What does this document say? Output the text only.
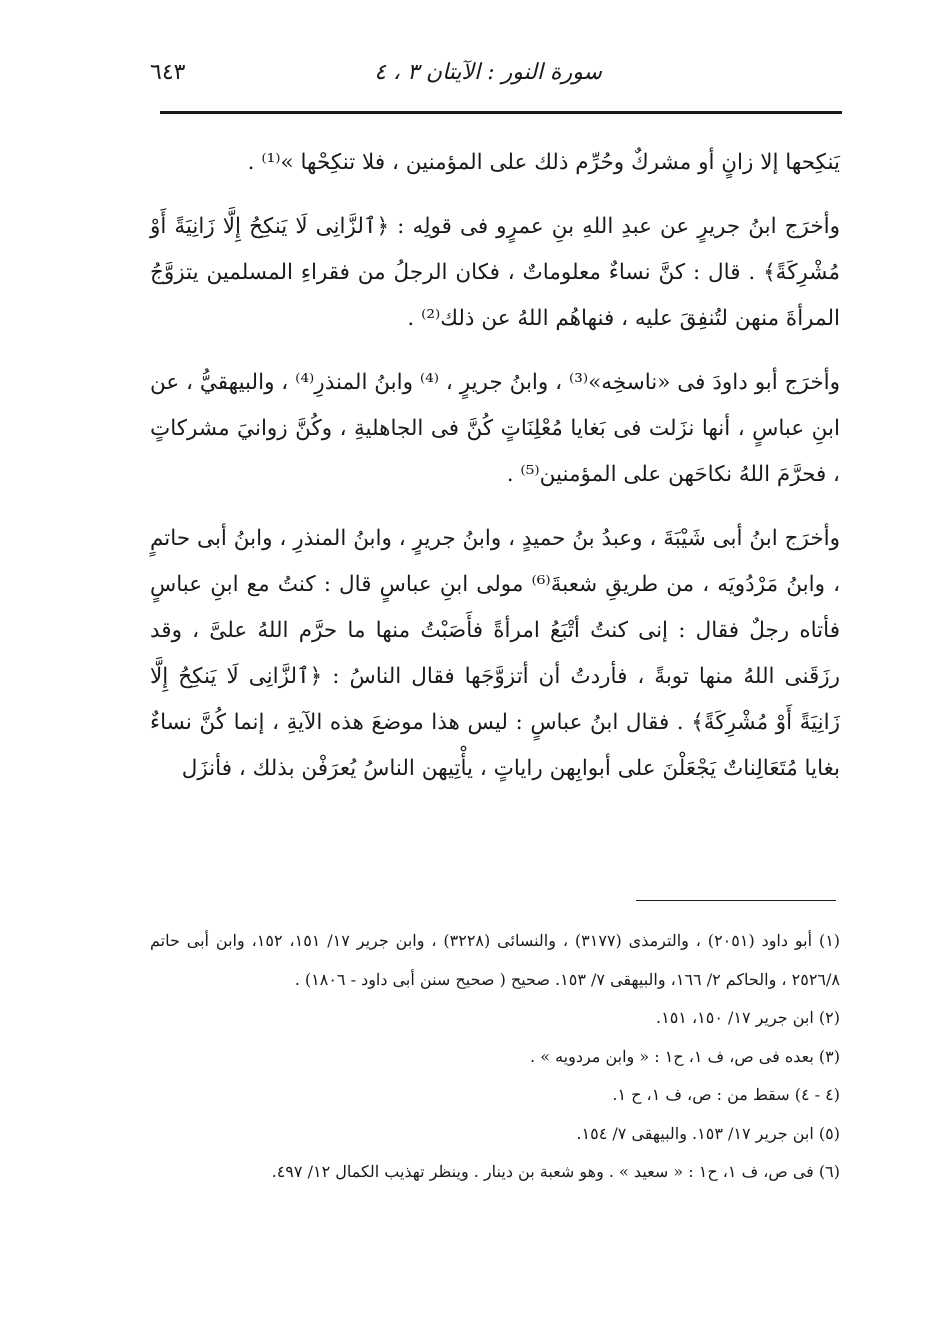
سورة النور : الآيتان ٣ ، ٤
٦٤٣

يَنكِحها إلا زانٍ أو مشركٌ وحُرِّم ذلك على المؤمنين ، فلا تنكِحْها »⁽¹⁾ .

وأخرَج ابنُ جريرٍ عن عبدِ اللهِ بنِ عمرٍو فى قولِه : ﴿ٱلزَّانِى لَا يَنكِحُ إِلَّا زَانِيَةً أَوْ مُشْرِكَةً﴾ . قال : كنَّ نساءٌ معلوماتٌ ، فكان الرجلُ من فقراءِ المسلمين يتزوَّجُ المرأةَ منهن لتُنفِقَ عليه ، فنهاهُم اللهُ عن ذلك⁽²⁾ .

وأخرَج أبو داودَ فى «ناسخِه»⁽³⁾ ، وابنُ جريرٍ ، ⁽⁴⁾ وابنُ المنذرِ⁽⁴⁾ ، والبيهقيُّ ، عن ابنِ عباسٍ ، أنها نزَلت فى بَغايا مُعْلِنَاتٍ كُنَّ فى الجاهليةِ ، وكُنَّ زوانيَ مشركاتٍ ، فحرَّمَ اللهُ نكاحَهن على المؤمنين⁽⁵⁾ .

وأخرَج ابنُ أبى شَيْبَةَ ، وعبدُ بنُ حميدٍ ، وابنُ جريرٍ ، وابنُ المنذرِ ، وابنُ أبى حاتمٍ ، وابنُ مَرْدُويَه ، من طريقِ شعبةَ⁽⁶⁾ مولى ابنِ عباسٍ قال : كنتُ مع ابنِ عباسٍ فأتاه رجلٌ فقال : إنى كنتُ أتْبَعُ امرأةً فأَصَبْتُ منها ما حرَّم اللهُ علىَّ ، وقد رزَقَنى اللهُ منها توبةً ، فأردتُ أن أتزوَّجَها فقال الناسُ : ﴿ٱلزَّانِى لَا يَنكِحُ إِلَّا زَانِيَةً أَوْ مُشْرِكَةً﴾ . فقال ابنُ عباسٍ : ليس هذا موضعَ هذه الآيةِ ، إنما كُنَّ نساءٌ بغايا مُتَعَالِناتٌ يَجْعَلْنَ على أبوابِهن راياتٍ ، يأْتِيهن الناسُ يُعرَفْن بذلك ، فأنزَل

(١) أبو داود (٢٠٥١) ، والترمذى (٣١٧٧) ، والنسائى (٣٢٢٨) ، وابن جرير ١٧/ ١٥١، ١٥٢، وابن أبى حاتم ٢٥٢٦/٨ ، والحاكم ٢/ ١٦٦، والبيهقى ٧/ ١٥٣. صحيح ( صحيح سنن أبى داود - ١٨٠٦) .

(٢) ابن جرير ١٧/ ١٥٠، ١٥١.

(٣) بعده فى ص، ف ١، ح١ : « وابن مردويه » .

(٤ - ٤) سقط من : ص، ف ١، ح ١.

(٥) ابن جرير ١٧/ ١٥٣. والبيهقى ٧/ ١٥٤.

(٦) فى ص، ف ١، ح١ : « سعيد » . وهو شعبة بن دينار . وينظر تهذيب الكمال ١٢/ ٤٩٧.
